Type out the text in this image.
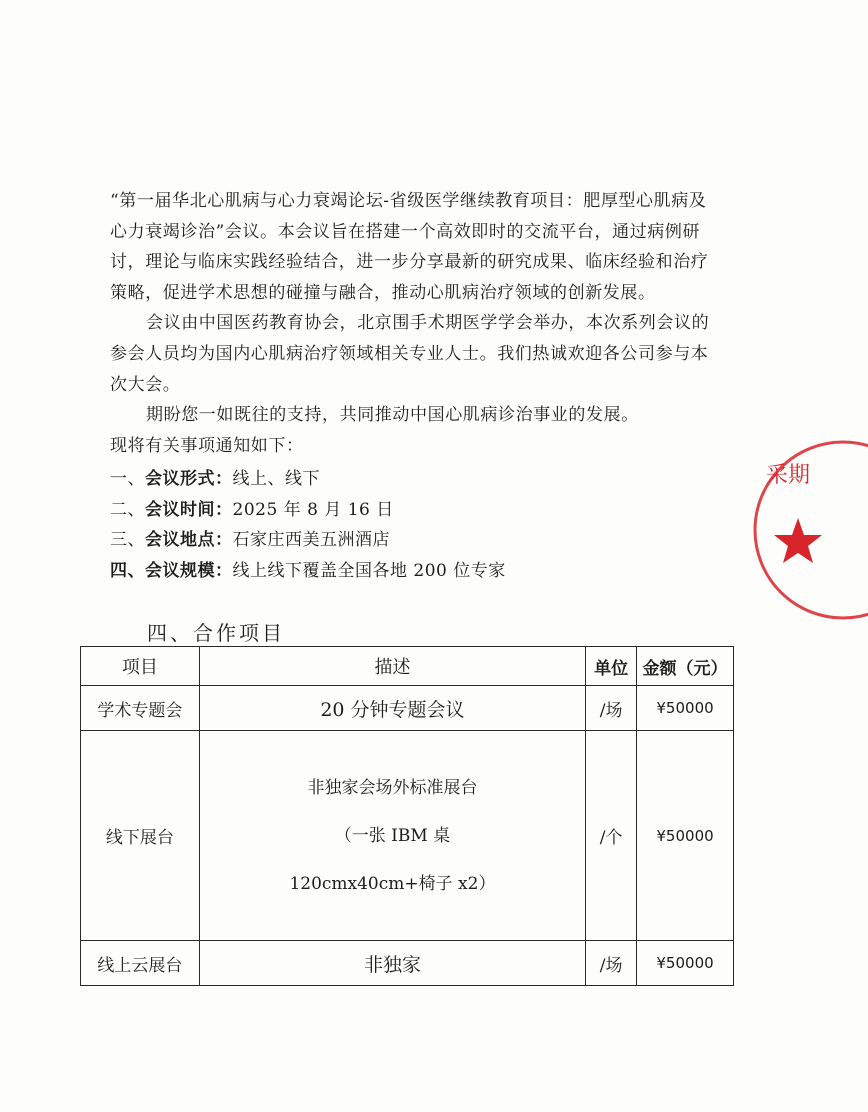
“第一届华北心肌病与心力衰竭论坛-省级医学继续教育项目：肥厚型心肌病及心力衰竭诊治”会议。本会议旨在搭建一个高效即时的交流平台，通过病例研讨，理论与临床实践经验结合，进一步分享最新的研究成果、临床经验和治疗策略，促进学术思想的碰撞与融合，推动心肌病治疗领域的创新发展。

会议由中国医药教育协会，北京围手术期医学学会举办，本次系列会议的参会人员均为国内心肌病治疗领域相关专业人士。我们热诚欢迎各公司参与本次大会。

期盼您一如既往的支持，共同推动中国心肌病诊治事业的发展。

现将有关事项通知如下：

一、会议形式：线上、线下
二、会议时间：2025 年 8 月 16 日
三、会议地点：石家庄西美五洲酒店
四、会议规模：线上线下覆盖全国各地 200 位专家
四、合作项目
项目	描述	单位	金额（元）
学术专题会	20 分钟专题会议	/场	¥50000
线下展台	非独家会场外标准展台
（一张 IBM 桌
120cmx40cm+椅子 x2）	/个	¥50000
线上云展台	非独家	/场	¥50000
采期
